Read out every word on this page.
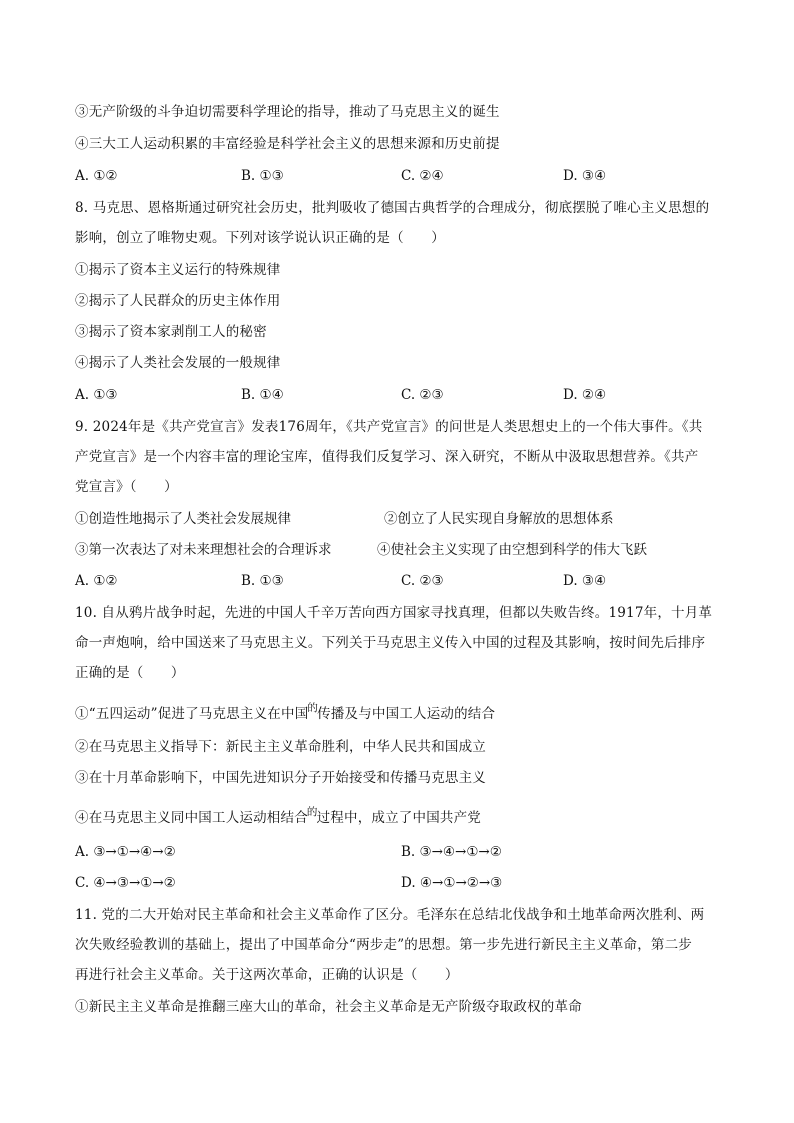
③无产阶级的斗争迫切需要科学理论的指导，推动了马克思主义的诞生
④三大工人运动积累的丰富经验是科学社会主义的思想来源和历史前提
A. ①②	B. ①③	C. ②④	D. ③④
8. 马克思、恩格斯通过研究社会历史，批判吸收了德国古典哲学的合理成分，彻底摆脱了唯心主义思想的
影响，创立了唯物史观。下列对该学说认识正确的是（　　）
①揭示了资本主义运行的特殊规律
②揭示了人民群众的历史主体作用
③揭示了资本家剥削工人的秘密
④揭示了人类社会发展的一般规律
A. ①③	B. ①④	C. ②③	D. ②④
9. 2024年是《共产党宣言》发表176周年，《共产党宣言》的问世是人类思想史上的一个伟大事件。《共
产党宣言》是一个内容丰富的理论宝库，值得我们反复学习、深入研究，不断从中汲取思想营养。《共产
党宣言》（　　）
①创造性地揭示了人类社会发展规律	②创立了人民实现自身解放的思想体系
③第一次表达了对未来理想社会的合理诉求	④使社会主义实现了由空想到科学的伟大飞跃
A. ①②	B. ①③	C. ②③	D. ③④
10. 自从鸦片战争时起，先进的中国人千辛万苦向西方国家寻找真理，但都以失败告终。1917年，十月革
命一声炮响，给中国送来了马克思主义。下列关于马克思主义传入中国的过程及其影响，按时间先后排序
正确的是（　　）
①“五四运动”促进了马克思主义在中国$^的$传播及与中国工人运动的结合
②在马克思主义指导下：新民主主义革命胜利，中华人民共和国成立
③在十月革命影响下，中国先进知识分子开始接受和传播马克思主义
④在马克思主义同中国工人运动相结合$^的$过程中，成立了中国共产党
A. ③→①→④→②	B. ③→④→①→②
C. ④→③→①→②	D. ④→①→②→③
11. 党的二大开始对民主革命和社会主义革命作了区分。毛泽东在总结北伐战争和土地革命两次胜利、两
次失败经验教训的基础上，提出了中国革命分“两步走”的思想。第一步先进行新民主主义革命，第二步
再进行社会主义革命。关于这两次革命，正确的认识是（　　）
①新民主主义革命是推翻三座大山的革命，社会主义革命是无产阶级夺取政权的革命
